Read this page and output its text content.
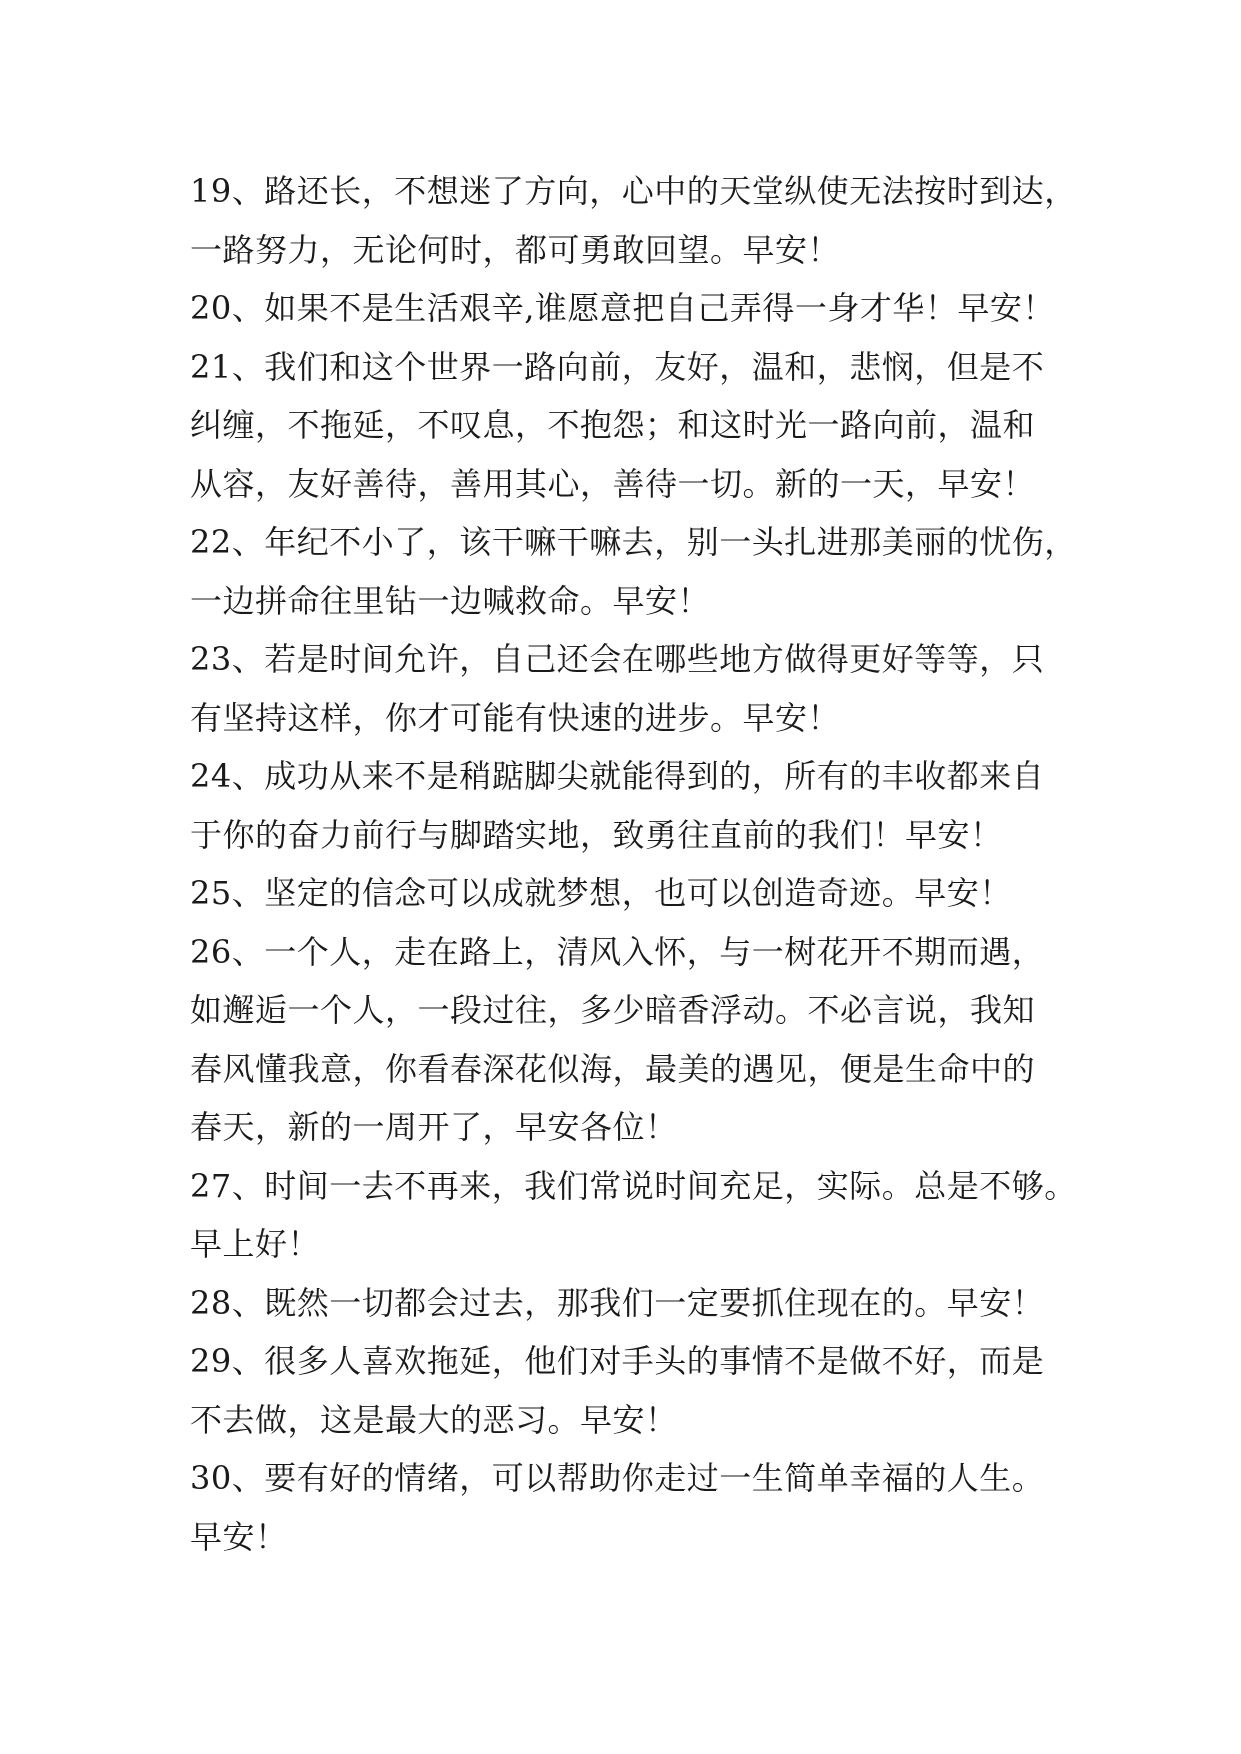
19、路还长，不想迷了方向，心中的天堂纵使无法按时到达，
一路努力，无论何时，都可勇敢回望。早安！
20、如果不是生活艰辛,谁愿意把自己弄得一身才华！早安！
21、我们和这个世界一路向前，友好，温和，悲悯，但是不
纠缠，不拖延，不叹息，不抱怨；和这时光一路向前，温和
从容，友好善待，善用其心，善待一切。新的一天，早安！
22、年纪不小了，该干嘛干嘛去，别一头扎进那美丽的忧伤，
一边拼命往里钻一边喊救命。早安！
23、若是时间允许，自己还会在哪些地方做得更好等等，只
有坚持这样，你才可能有快速的进步。早安！
24、成功从来不是稍踮脚尖就能得到的，所有的丰收都来自
于你的奋力前行与脚踏实地，致勇往直前的我们！早安！
25、坚定的信念可以成就梦想，也可以创造奇迹。早安！
26、一个人，走在路上，清风入怀，与一树花开不期而遇，
如邂逅一个人，一段过往，多少暗香浮动。不必言说，我知
春风懂我意，你看春深花似海，最美的遇见，便是生命中的
春天，新的一周开了，早安各位！
27、时间一去不再来，我们常说时间充足，实际。总是不够。
早上好！
28、既然一切都会过去，那我们一定要抓住现在的。早安！
29、很多人喜欢拖延，他们对手头的事情不是做不好，而是
不去做，这是最大的恶习。早安！
30、要有好的情绪，可以帮助你走过一生简单幸福的人生。
早安！
